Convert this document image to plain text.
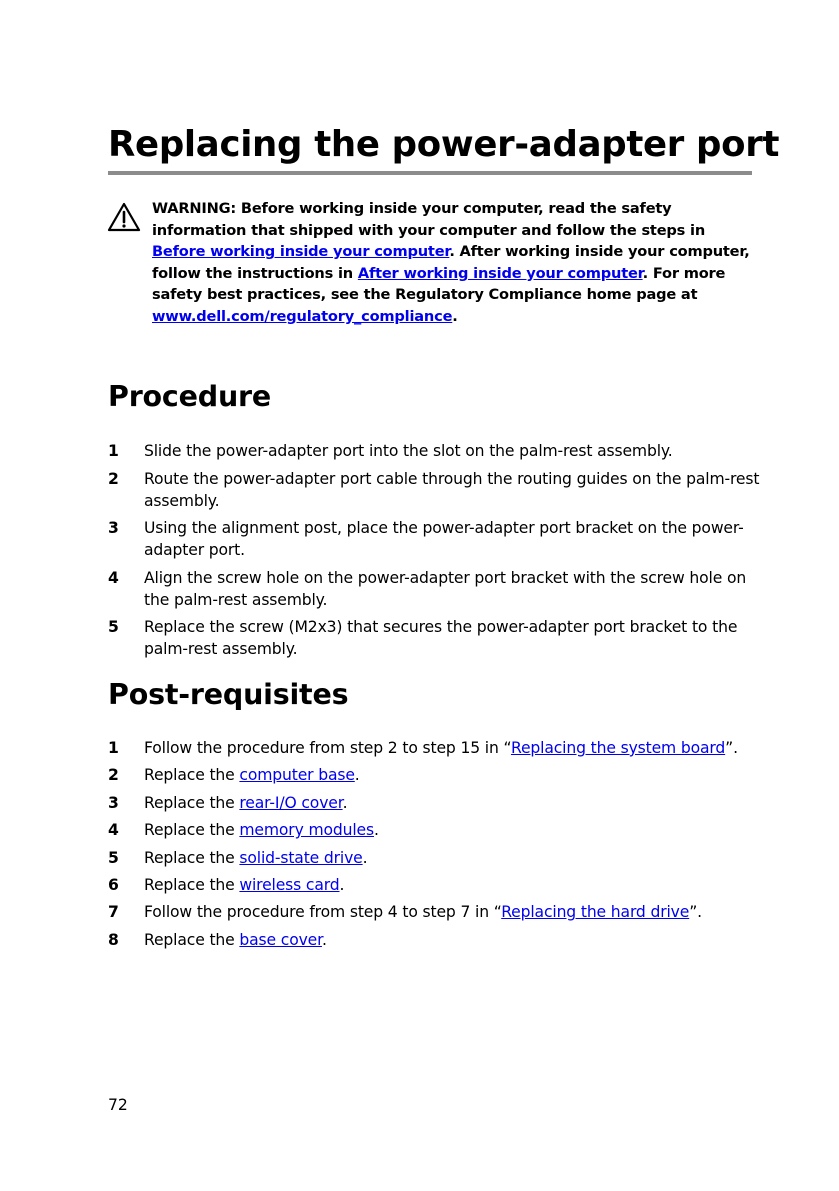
Replacing the power-adapter port

WARNING: Before working inside your computer, read the safety information that shipped with your computer and follow the steps in Before working inside your computer. After working inside your computer, follow the instructions in After working inside your computer. For more safety best practices, see the Regulatory Compliance home page at www.dell.com/regulatory_compliance.

Procedure
1 Slide the power-adapter port into the slot on the palm-rest assembly.
2 Route the power-adapter port cable through the routing guides on the palm-rest assembly.
3 Using the alignment post, place the power-adapter port bracket on the power-adapter port.
4 Align the screw hole on the power-adapter port bracket with the screw hole on the palm-rest assembly.
5 Replace the screw (M2x3) that secures the power-adapter port bracket to the palm-rest assembly.
Post-requisites
1 Follow the procedure from step 2 to step 15 in “Replacing the system board”.
2 Replace the computer base.
3 Replace the rear-I/O cover.
4 Replace the memory modules.
5 Replace the solid-state drive.
6 Replace the wireless card.
7 Follow the procedure from step 4 to step 7 in “Replacing the hard drive”.
8 Replace the base cover.

72
